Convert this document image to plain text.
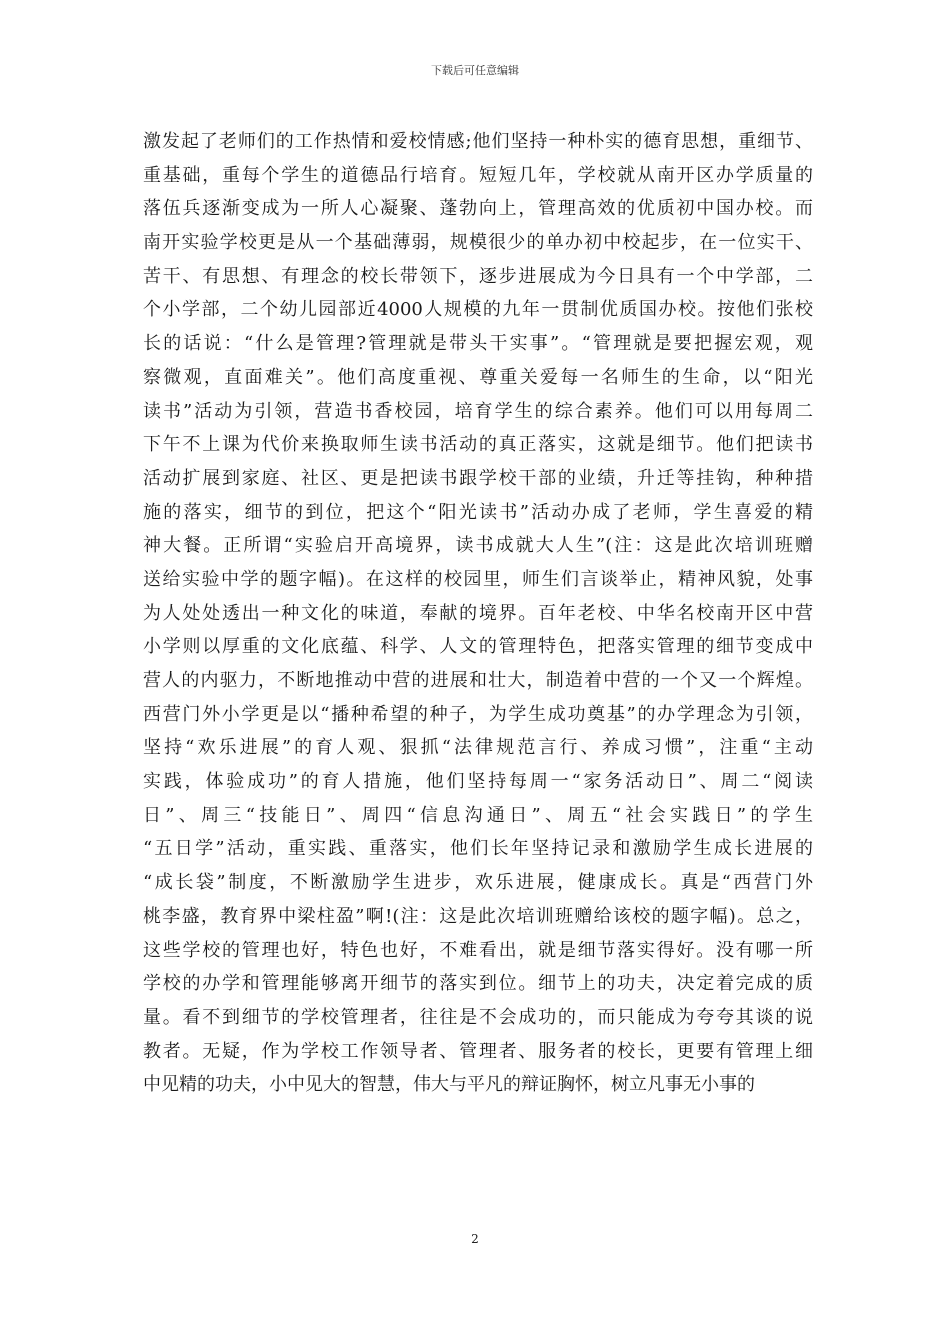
下载后可任意编辑
激发起了老师们的工作热情和爱校情感;他们坚持一种朴实的德育思想，重细节、
重基础，重每个学生的道德品行培育。短短几年，学校就从南开区办学质量的
落伍兵逐渐变成为一所人心凝聚、蓬勃向上，管理高效的优质初中国办校。而
南开实验学校更是从一个基础薄弱，规模很少的单办初中校起步，在一位实干、
苦干、有思想、有理念的校长带领下，逐步进展成为今日具有一个中学部，二
个小学部，二个幼儿园部近4000人规模的九年一贯制优质国办校。按他们张校
长的话说：“什么是管理?管理就是带头干实事”。“管理就是要把握宏观，观
察微观，直面难关”。他们高度重视、尊重关爱每一名师生的生命，以“阳光
读书”活动为引领，营造书香校园，培育学生的综合素养。他们可以用每周二
下午不上课为代价来换取师生读书活动的真正落实，这就是细节。他们把读书
活动扩展到家庭、社区、更是把读书跟学校干部的业绩，升迁等挂钩，种种措
施的落实，细节的到位，把这个“阳光读书”活动办成了老师，学生喜爱的精
神大餐。正所谓“实验启开高境界，读书成就大人生”(注：这是此次培训班赠
送给实验中学的题字幅)。在这样的校园里，师生们言谈举止，精神风貌，处事
为人处处透出一种文化的味道，奉献的境界。百年老校、中华名校南开区中营
小学则以厚重的文化底蕴、科学、人文的管理特色，把落实管理的细节变成中
营人的内驱力，不断地推动中营的进展和壮大，制造着中营的一个又一个辉煌。
西营门外小学更是以“播种希望的种子，为学生成功奠基”的办学理念为引领，
坚持“欢乐进展”的育人观、狠抓“法律规范言行、养成习惯”，注重“主动
实践，体验成功”的育人措施，他们坚持每周一“家务活动日”、周二“阅读
日”、周三“技能日”、周四“信息沟通日”、周五“社会实践日”的学生
“五日学”活动，重实践、重落实，他们长年坚持记录和激励学生成长进展的
“成长袋”制度，不断激励学生进步，欢乐进展，健康成长。真是“西营门外
桃李盛，教育界中梁柱盈”啊!(注：这是此次培训班赠给该校的题字幅)。总之，
这些学校的管理也好，特色也好，不难看出，就是细节落实得好。没有哪一所
学校的办学和管理能够离开细节的落实到位。细节上的功夫，决定着完成的质
量。看不到细节的学校管理者，往往是不会成功的，而只能成为夸夸其谈的说
教者。无疑，作为学校工作领导者、管理者、服务者的校长，更要有管理上细
中见精的功夫，小中见大的智慧，伟大与平凡的辩证胸怀，树立凡事无小事的
2
